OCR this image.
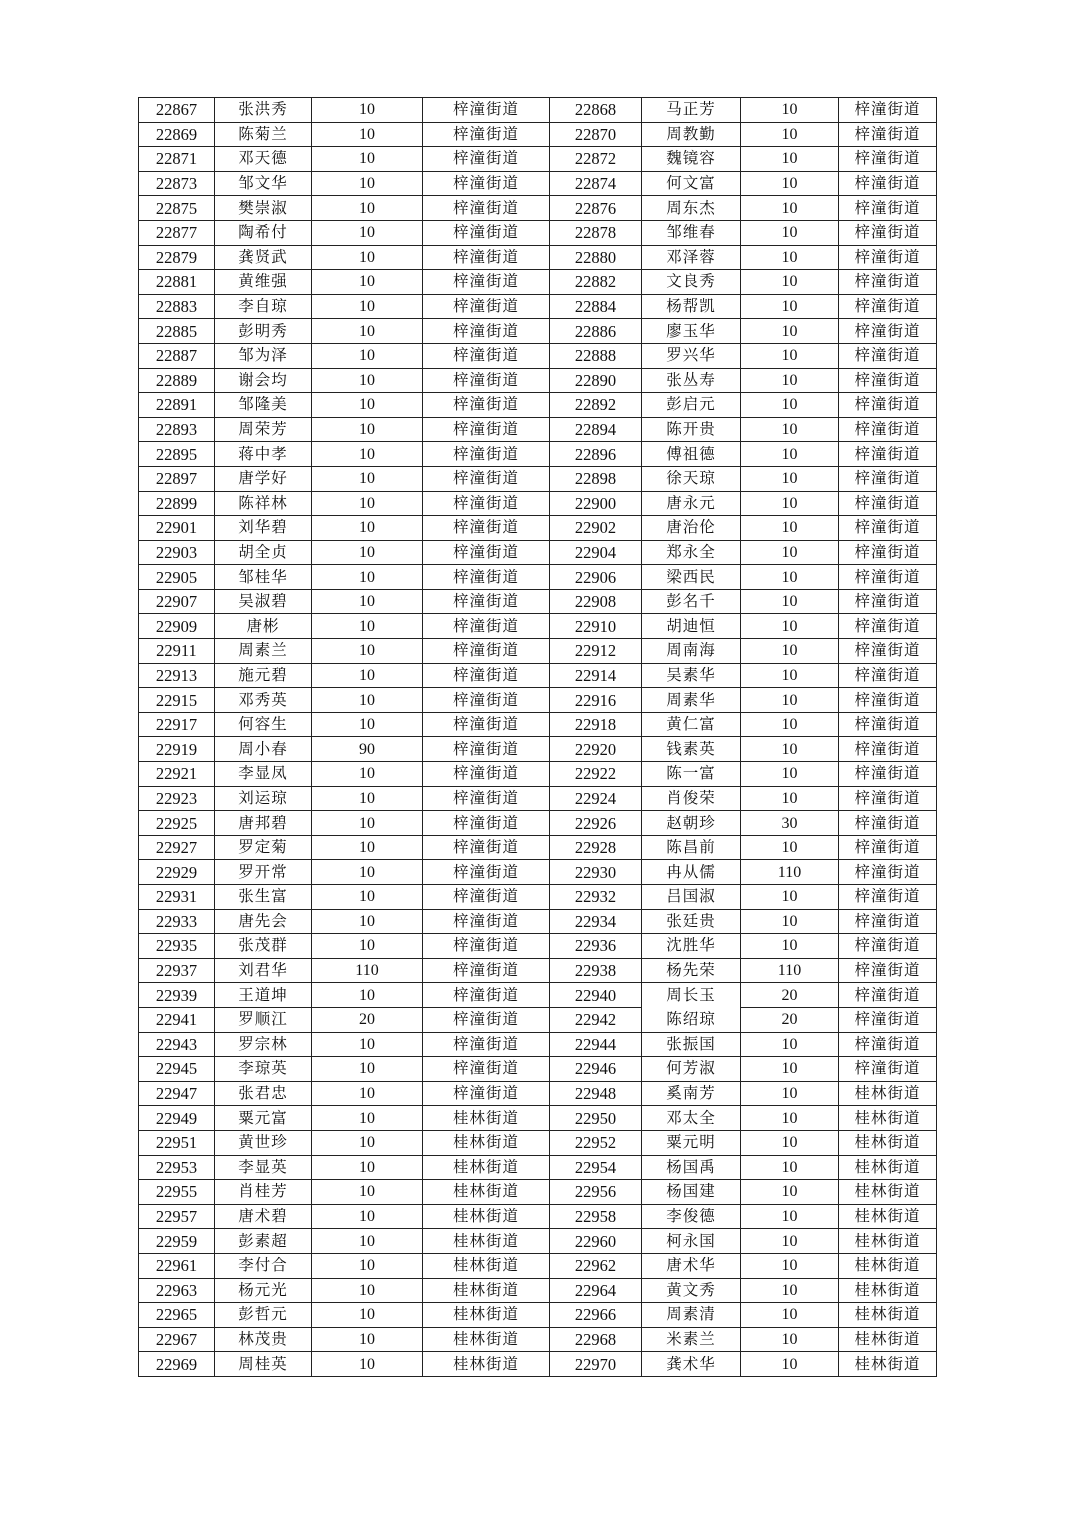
22867	张洪秀	10	梓潼街道	22868	马正芳	10	梓潼街道
22869	陈菊兰	10	梓潼街道	22870	周教勤	10	梓潼街道
22871	邓天德	10	梓潼街道	22872	魏镜容	10	梓潼街道
22873	邹文华	10	梓潼街道	22874	何文富	10	梓潼街道
22875	樊崇淑	10	梓潼街道	22876	周东杰	10	梓潼街道
22877	陶希付	10	梓潼街道	22878	邹维春	10	梓潼街道
22879	龚贤武	10	梓潼街道	22880	邓泽蓉	10	梓潼街道
22881	黄维强	10	梓潼街道	22882	文良秀	10	梓潼街道
22883	李自琼	10	梓潼街道	22884	杨帮凯	10	梓潼街道
22885	彭明秀	10	梓潼街道	22886	廖玉华	10	梓潼街道
22887	邹为泽	10	梓潼街道	22888	罗兴华	10	梓潼街道
22889	谢会均	10	梓潼街道	22890	张丛寿	10	梓潼街道
22891	邹隆美	10	梓潼街道	22892	彭启元	10	梓潼街道
22893	周荣芳	10	梓潼街道	22894	陈开贵	10	梓潼街道
22895	蒋中孝	10	梓潼街道	22896	傅祖德	10	梓潼街道
22897	唐学好	10	梓潼街道	22898	徐天琼	10	梓潼街道
22899	陈祥林	10	梓潼街道	22900	唐永元	10	梓潼街道
22901	刘华碧	10	梓潼街道	22902	唐治伦	10	梓潼街道
22903	胡全贞	10	梓潼街道	22904	郑永全	10	梓潼街道
22905	邹桂华	10	梓潼街道	22906	梁西民	10	梓潼街道
22907	吴淑碧	10	梓潼街道	22908	彭名千	10	梓潼街道
22909	唐彬	10	梓潼街道	22910	胡迪恒	10	梓潼街道
22911	周素兰	10	梓潼街道	22912	周南海	10	梓潼街道
22913	施元碧	10	梓潼街道	22914	吴素华	10	梓潼街道
22915	邓秀英	10	梓潼街道	22916	周素华	10	梓潼街道
22917	何容生	10	梓潼街道	22918	黄仁富	10	梓潼街道
22919	周小春	90	梓潼街道	22920	钱素英	10	梓潼街道
22921	李显凤	10	梓潼街道	22922	陈一富	10	梓潼街道
22923	刘运琼	10	梓潼街道	22924	肖俊荣	10	梓潼街道
22925	唐邦碧	10	梓潼街道	22926	赵朝珍	30	梓潼街道
22927	罗定菊	10	梓潼街道	22928	陈昌前	10	梓潼街道
22929	罗开常	10	梓潼街道	22930	冉从儒	110	梓潼街道
22931	张生富	10	梓潼街道	22932	吕国淑	10	梓潼街道
22933	唐先会	10	梓潼街道	22934	张廷贵	10	梓潼街道
22935	张茂群	10	梓潼街道	22936	沈胜华	10	梓潼街道
22937	刘君华	110	梓潼街道	22938	杨先荣	110	梓潼街道
22939	王道坤	10	梓潼街道	22940	周长玉	20	梓潼街道
22941	罗顺江	20	梓潼街道	22942	陈绍琼	20	梓潼街道
22943	罗宗林	10	梓潼街道	22944	张振国	10	梓潼街道
22945	李琼英	10	梓潼街道	22946	何芳淑	10	梓潼街道
22947	张君忠	10	梓潼街道	22948	奚南芳	10	桂林街道
22949	粟元富	10	桂林街道	22950	邓太全	10	桂林街道
22951	黄世珍	10	桂林街道	22952	粟元明	10	桂林街道
22953	李显英	10	桂林街道	22954	杨国禹	10	桂林街道
22955	肖桂芳	10	桂林街道	22956	杨国建	10	桂林街道
22957	唐术碧	10	桂林街道	22958	李俊德	10	桂林街道
22959	彭素超	10	桂林街道	22960	柯永国	10	桂林街道
22961	李付合	10	桂林街道	22962	唐术华	10	桂林街道
22963	杨元光	10	桂林街道	22964	黄文秀	10	桂林街道
22965	彭哲元	10	桂林街道	22966	周素清	10	桂林街道
22967	林茂贵	10	桂林街道	22968	米素兰	10	桂林街道
22969	周桂英	10	桂林街道	22970	龚术华	10	桂林街道
